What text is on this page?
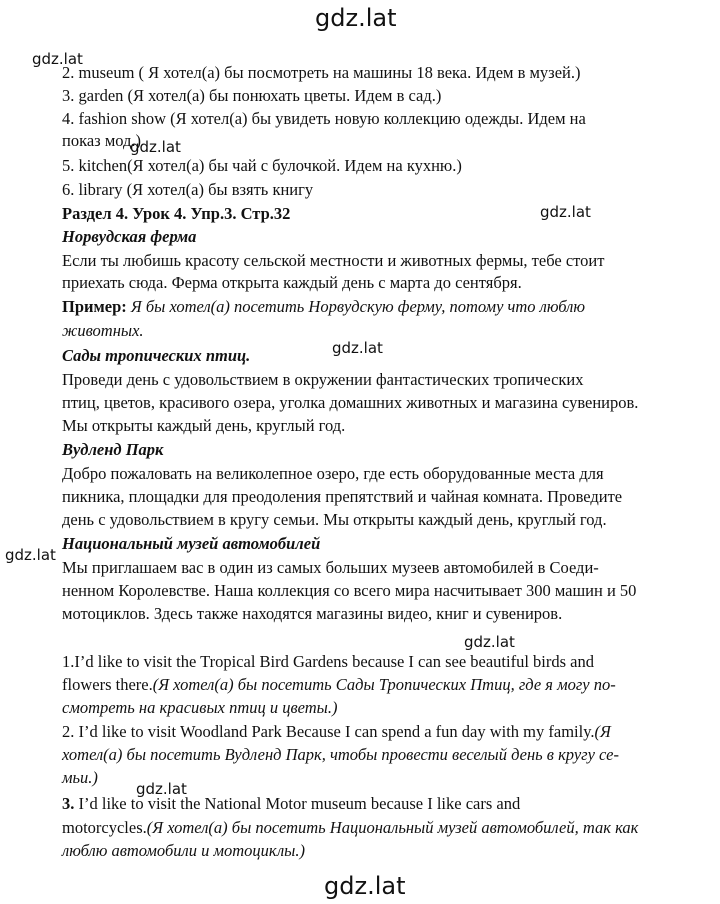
gdz.lat
gdz.lat
gdz.lat
gdz.lat
gdz.lat
gdz.lat
gdz.lat
gdz.lat
gdz.lat
2. museum ( Я хотел(а) бы посмотреть на машины 18 века. Идем в музей.)
3. garden (Я хотел(а) бы понюхать цветы. Идем в сад.)
4. fashion show (Я хотел(а) бы увидеть новую коллекцию одежды. Идем на
показ мод.)
5. kitchen(Я хотел(а) бы чай с булочкой. Идем на кухню.)
6. library (Я хотел(а) бы взять книгу
Раздел 4. Урок 4. Упр.3. Стр.32
Норвудская ферма
Если ты любишь красоту сельской местности и животных фермы, тебе стоит
приехать сюда. Ферма открыта каждый день с марта до сентября.
Пример: Я бы хотел(а) посетить Норвудскую ферму, потому что люблю
животных.
Сады тропических птиц.
Проведи день с удовольствием в окружении фантастических тропических
птиц, цветов, красивого озера, уголка домашних животных и магазина сувениров.
Мы открыты каждый день, круглый год.
Вудленд Парк
Добро пожаловать на великолепное озеро, где есть оборудованные места для
пикника, площадки для преодоления препятствий и чайная комната. Проведите
день с удовольствием в кругу семьи. Мы открыты каждый день, круглый год.
Национальный музей автомобилей
Мы приглашаем вас в один из самых больших музеев автомобилей в Соеди-
ненном Королевстве. Наша коллекция со всего мира насчитывает 300 машин и 50
мотоциклов. Здесь также находятся магазины видео, книг и сувениров.
1.I’d like to visit the Tropical Bird Gardens because I can see beautiful birds and
flowers there.(Я хотел(а) бы посетить Сады Тропических Птиц, где я могу по-
смотреть на красивых птиц и цветы.)
2. I’d like to visit Woodland Park Because I can spend a fun day with my family.(Я
хотел(а) бы посетить Вудленд Парк, чтобы провести веселый день в кругу се-
мьи.)
3. I’d like to visit the National Motor museum because I like cars and
motorcycles.(Я хотел(а) бы посетить Национальный музей автомобилей, так как
люблю автомобили и мотоциклы.)
